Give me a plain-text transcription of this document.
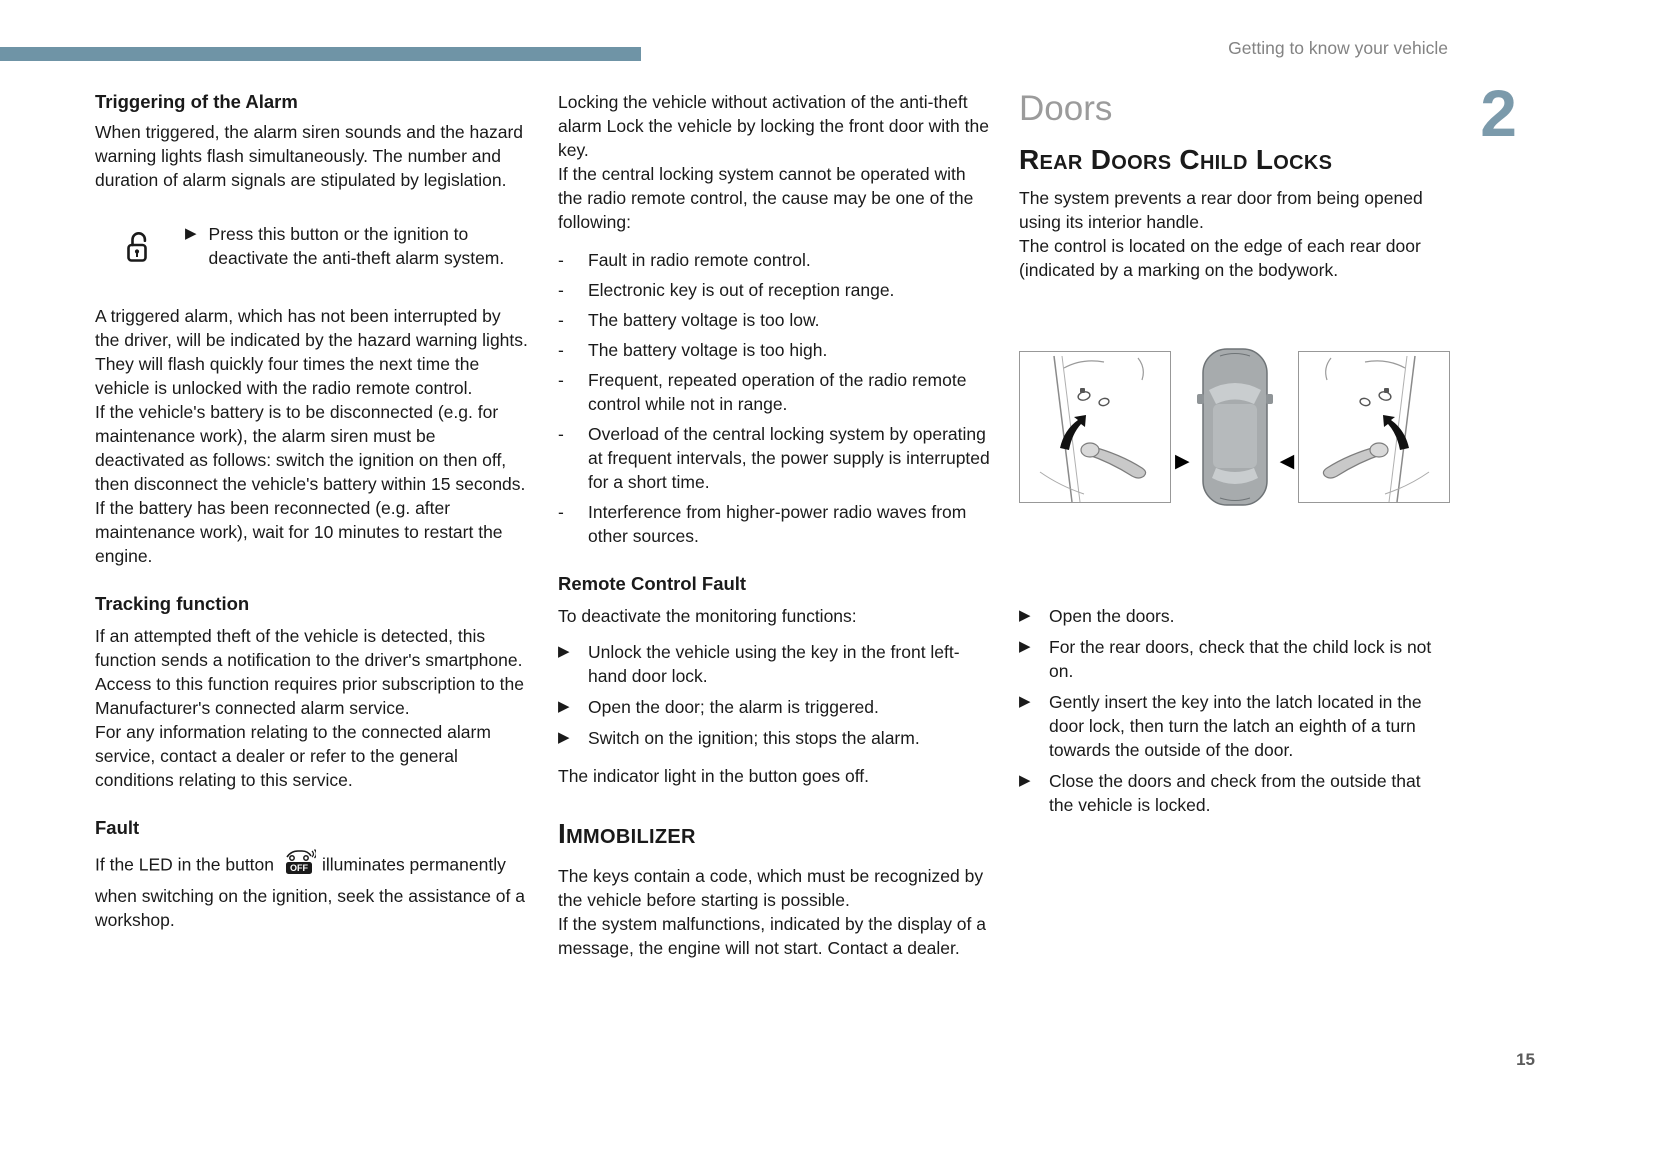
Getting to know your vehicle
2
Triggering of the Alarm

When triggered, the alarm siren sounds and the hazard warning lights flash simultaneously. The number and duration of alarm signals are stipulated by legislation.

▶ Press this button or the ignition to deactivate the anti-theft alarm system.

A triggered alarm, which has not been interrupted by the driver, will be indicated by the hazard warning lights. They will flash quickly four times the next time the vehicle is unlocked with the radio remote control.

If the vehicle's battery is to be disconnected (e.g. for maintenance work), the alarm siren must be deactivated as follows: switch the ignition on then off, then disconnect the vehicle's battery within 15 seconds.

If the battery has been reconnected (e.g. after maintenance work), wait for 10 minutes to restart the engine.

Tracking function

If an attempted theft of the vehicle is detected, this function sends a notification to the driver's smartphone.

Access to this function requires prior subscription to the Manufacturer's connected alarm service.

For any information relating to the connected alarm service, contact a dealer or refer to the general conditions relating to this service.

Fault

If the LED in the button OFF illuminates permanently when switching on the ignition, seek the assistance of a workshop.

Locking the vehicle without activation of the anti-theft alarm Lock the vehicle by locking the front door with the key.

If the central locking system cannot be operated with the radio remote control, the cause may be one of the following:

-	Fault in radio remote control.
-	Electronic key is out of reception range.
-	The battery voltage is too low.
-	The battery voltage is too high.
-	Frequent, repeated operation of the radio remote control while not in range.
-	Overload of the central locking system by operating at frequent intervals, the power supply is interrupted for a short time.
-	Interference from higher-power radio waves from other sources.
Remote Control Fault

To deactivate the monitoring functions:

▶	Unlock the vehicle using the key in the front left-hand door lock.
▶	Open the door; the alarm is triggered.
▶	Switch on the ignition; this stops the alarm.

The indicator light in the button goes off.

Immobilizer

The keys contain a code, which must be recognized by the vehicle before starting is possible.

If the system malfunctions, indicated by the display of a message, the engine will not start. Contact a dealer.

Doors
Rear Doors Child Locks

The system prevents a rear door from being opened using its interior handle.

The control is located on the edge of each rear door (indicated by a marking on the bodywork.

▶	◀
▶	Open the doors.
▶	For the rear doors, check that the child lock is not on.
▶	Gently insert the key into the latch located in the door lock, then turn the latch an eighth of a turn towards the outside of the door.
▶	Close the doors and check from the outside that the vehicle is locked.
15
